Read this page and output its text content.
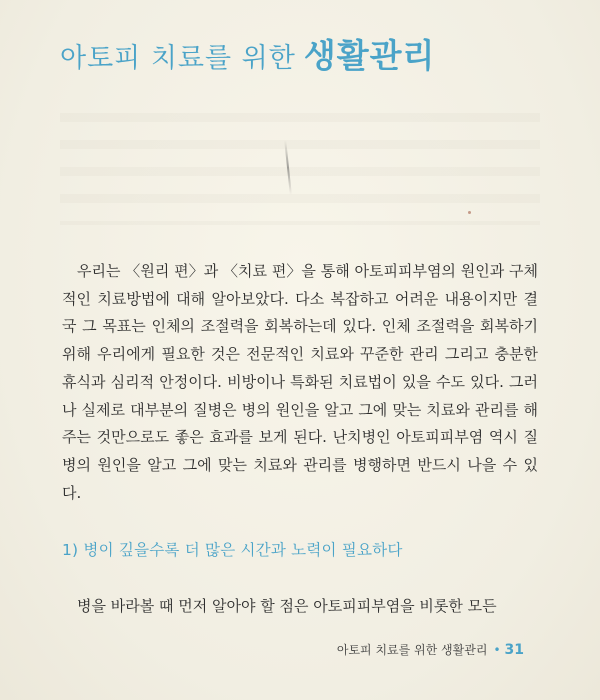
아토피 치료를 위한 생활관리

우리는 〈원리 편〉과 〈치료 편〉을 통해 아토피피부염의 원인과 구체적인 치료방법에 대해 알아보았다. 다소 복잡하고 어려운 내용이지만 결국 그 목표는 인체의 조절력을 회복하는데 있다. 인체 조절력을 회복하기 위해 우리에게 필요한 것은 전문적인 치료와 꾸준한 관리 그리고 충분한 휴식과 심리적 안정이다. 비방이나 특화된 치료법이 있을 수도 있다. 그러나 실제로 대부분의 질병은 병의 원인을 알고 그에 맞는 치료와 관리를 해주는 것만으로도 좋은 효과를 보게 된다. 난치병인 아토피피부염 역시 질병의 원인을 알고 그에 맞는 치료와 관리를 병행하면 반드시 나을 수 있다.

1) 병이 깊을수록 더 많은 시간과 노력이 필요하다

병을 바라볼 때 먼저 알아야 할 점은 아토피피부염을 비롯한 모든

아토피 치료를 위한 생활관리 • 31
